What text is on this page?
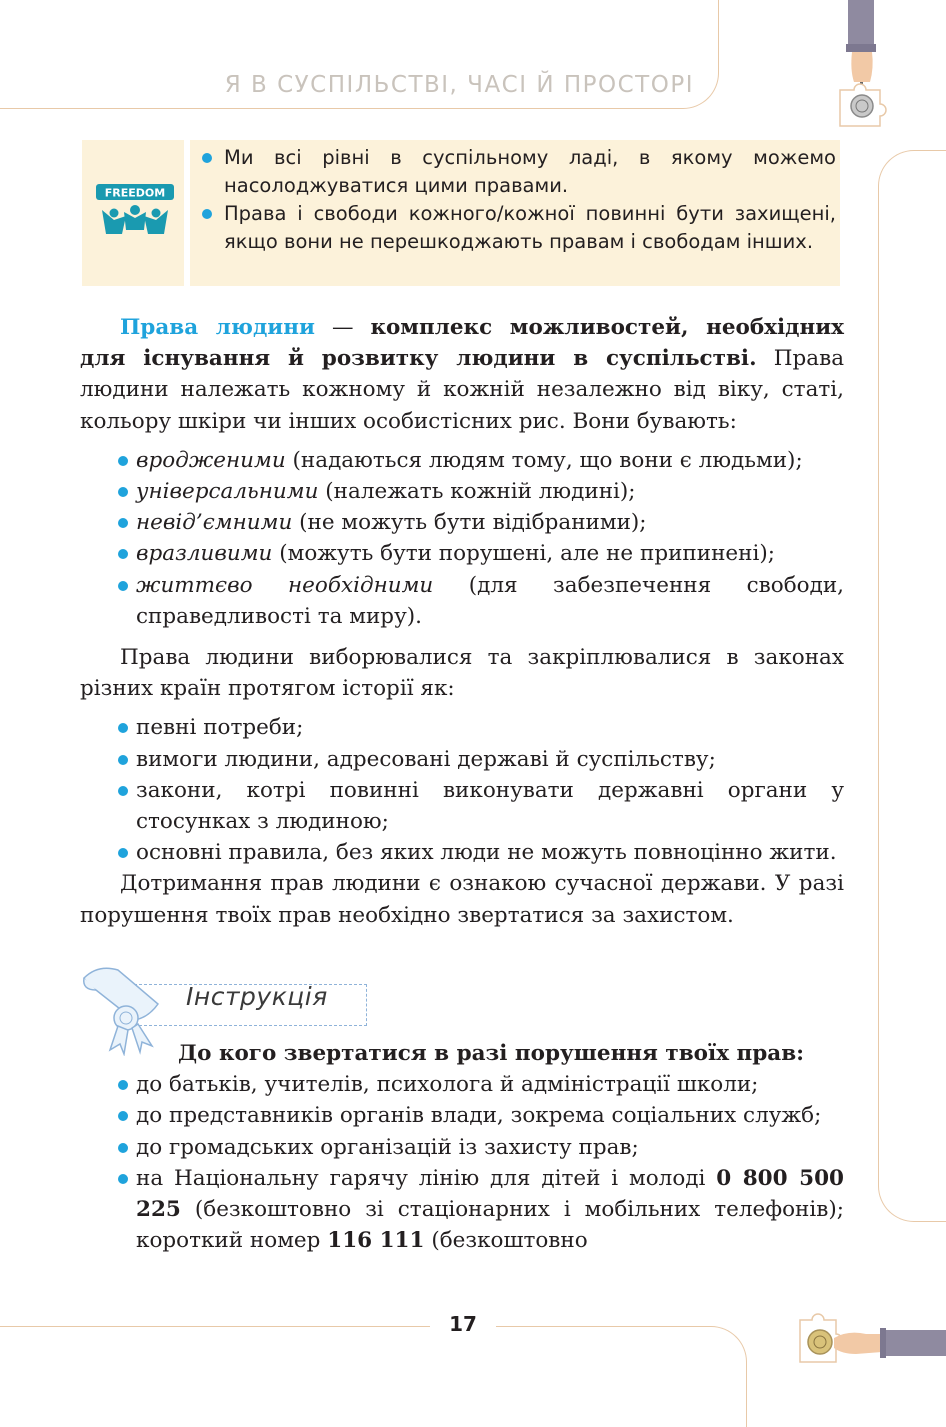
Я В СУСПІЛЬСТВІ, ЧАСІ Й ПРОСТОРІ
FREEDOM
Ми всі рівні в суспільному ладі, в якому можемо насолоджуватися цими правами.
Права і свободи кожного/кожної повинні бути захищені, якщо вони не перешкоджають правам і свободам інших.

Права людини — комплекс можливостей, необхідних для існування й розвитку людини в суспільстві. Права людини належать кожному й кожній незалежно від віку, статі, кольору шкіри чи інших особистісних рис. Вони бувають:

вродженими (надаються людям тому, що вони є людьми);
універсальними (належать кожній людині);
невід’ємними (не можуть бути відібраними);
вразливими (можуть бути порушені, але не припинені);
життєво необхідними (для забезпечення свободи, справедливості та миру).

Права людини виборювалися та закріплювалися в законах різних країн протягом історії як:

певні потреби;
вимоги людини, адресовані державі й суспільству;
закони, котрі повинні виконувати державні органи у стосунках з людиною;
основні правила, без яких люди не можуть повноцінно жити.

Дотримання прав людини є ознакою сучасної держави. У разі порушення твоїх прав необхідно звертатися за захистом.

Інструкція

До кого звертатися в разі порушення твоїх прав:

до батьків, учителів, психолога й адміністрації школи;
до представників органів влади, зокрема соціальних служб;
до громадських організацій із захисту прав;
на Національну гарячу лінію для дітей і молоді 0 800 500 225 (безкоштовно зі стаціонарних і мобільних телефонів); короткий номер 116 111 (безкоштовно
17
